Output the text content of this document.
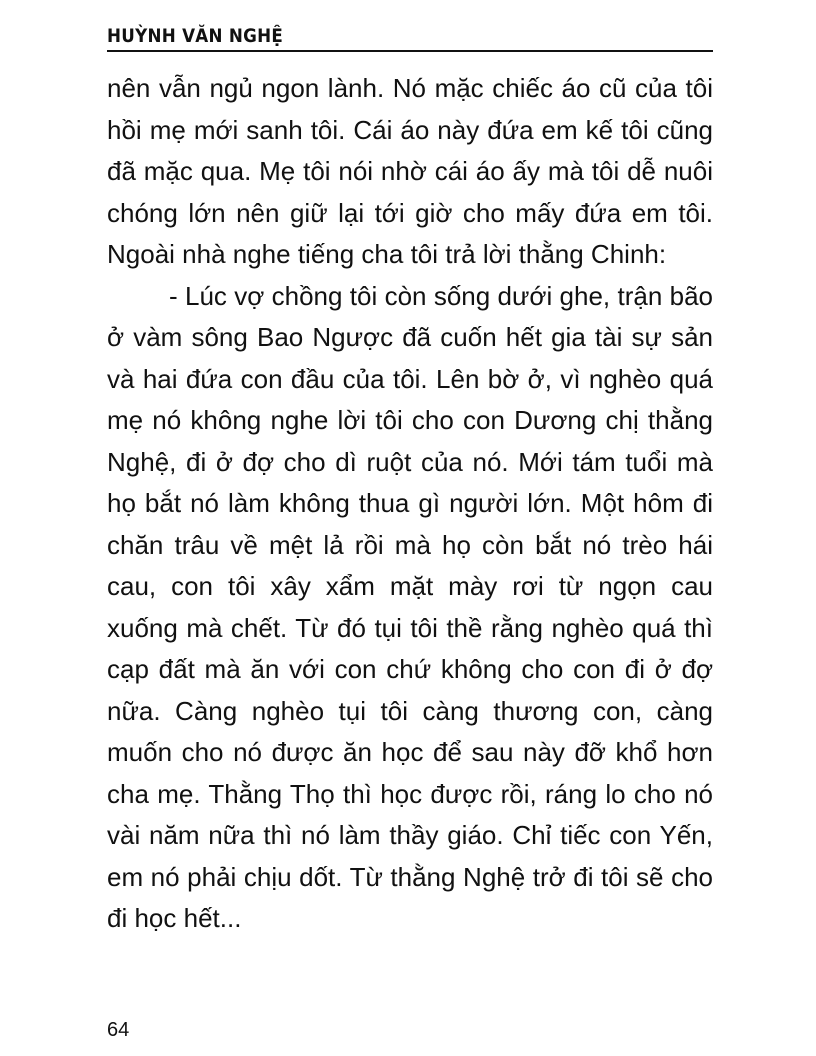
HUỲNH VĂN NGHỆ

nên vẫn ngủ ngon lành. Nó mặc chiếc áo cũ của tôi hồi mẹ mới sanh tôi. Cái áo này đứa em kế tôi cũng đã mặc qua. Mẹ tôi nói nhờ cái áo ấy mà tôi dễ nuôi chóng lớn nên giữ lại tới giờ cho mấy đứa em tôi. Ngoài nhà nghe tiếng cha tôi trả lời thằng Chinh:

- Lúc vợ chồng tôi còn sống dưới ghe, trận bão ở vàm sông Bao Ngược đã cuốn hết gia tài sự sản và hai đứa con đầu của tôi. Lên bờ ở, vì nghèo quá mẹ nó không nghe lời tôi cho con Dương chị thằng Nghệ, đi ở đợ cho dì ruột của nó. Mới tám tuổi mà họ bắt nó làm không thua gì người lớn. Một hôm đi chăn trâu về mệt lả rồi mà họ còn bắt nó trèo hái cau, con tôi xây xẩm mặt mày rơi từ ngọn cau xuống mà chết. Từ đó tụi tôi thề rằng nghèo quá thì cạp đất mà ăn với con chứ không cho con đi ở đợ nữa. Càng nghèo tụi tôi càng thương con, càng muốn cho nó được ăn học để sau này đỡ khổ hơn cha mẹ. Thằng Thọ thì học được rồi, ráng lo cho nó vài năm nữa thì nó làm thầy giáo. Chỉ tiếc con Yến, em nó phải chịu dốt. Từ thằng Nghệ trở đi tôi sẽ cho đi học hết...

64
